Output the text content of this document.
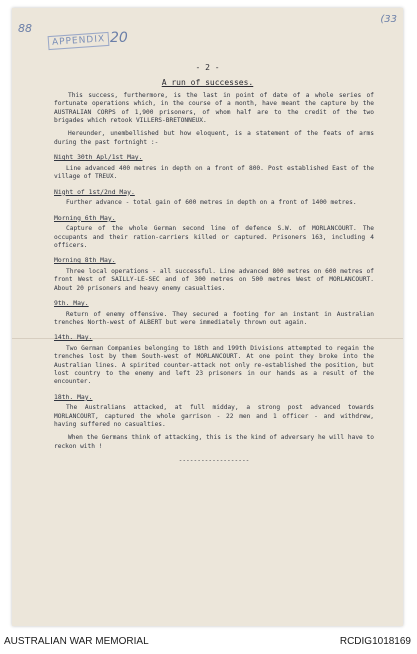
88
(33
APPENDIX 20
- 2 -
A run of successes.

This success, furthermore, is the last in point of date of a whole series of fortunate operations which, in the course of a month, have meant the capture by the AUSTRALIAN CORPS of 1,900 prisoners, of whom half are to the credit of the two brigades which retook VILLERS-BRETONNEUX.

Hereunder, unembellished but how eloquent, is a statement of the feats of arms during the past fortnight :-

Night 30th Apl/1st May.

Line advanced 400 metres in depth on a front of 800. Post established East of the village of TREUX.

Night of 1st/2nd May.

Further advance - total gain of 600 metres in depth on a front of 1400 metres.

Morning 6th May.

Capture of the whole German second line of defence S.W. of MORLANCOURT. The occupants and their ration-carriers killed or captured. Prisoners 163, including 4 officers.

Morning 8th May.

Three local operations - all successful. Line advanced 800 metres on 600 metres of front West of SAILLY-LE-SEC and of 300 metres on 500 metres West of MORLANCOURT. About 20 prisoners and heavy enemy casualties.

9th. May.

Return of enemy offensive. They secured a footing for an instant in Australian trenches North-west of ALBERT but were immediately thrown out again.

14th. May.

Two German Companies belonging to 18th and 199th Divisions attempted to regain the trenches lost by them South-west of MORLANCOURT. At one point they broke into the Australian lines. A spirited counter-attack not only re-established the position, but lost country to the enemy and left 23 prisoners in our hands as a result of the encounter.

18th. May.

The Australians attacked, at full midday, a strong post advanced towards MORLANCOURT, captured the whole garrison - 22 men and 1 officer - and withdrew, having suffered no casualties.

When the Germans think of attacking, this is the kind of adversary he will have to reckon with !

-------------------
AUSTRALIAN WAR MEMORIAL	RCDIG1018169
